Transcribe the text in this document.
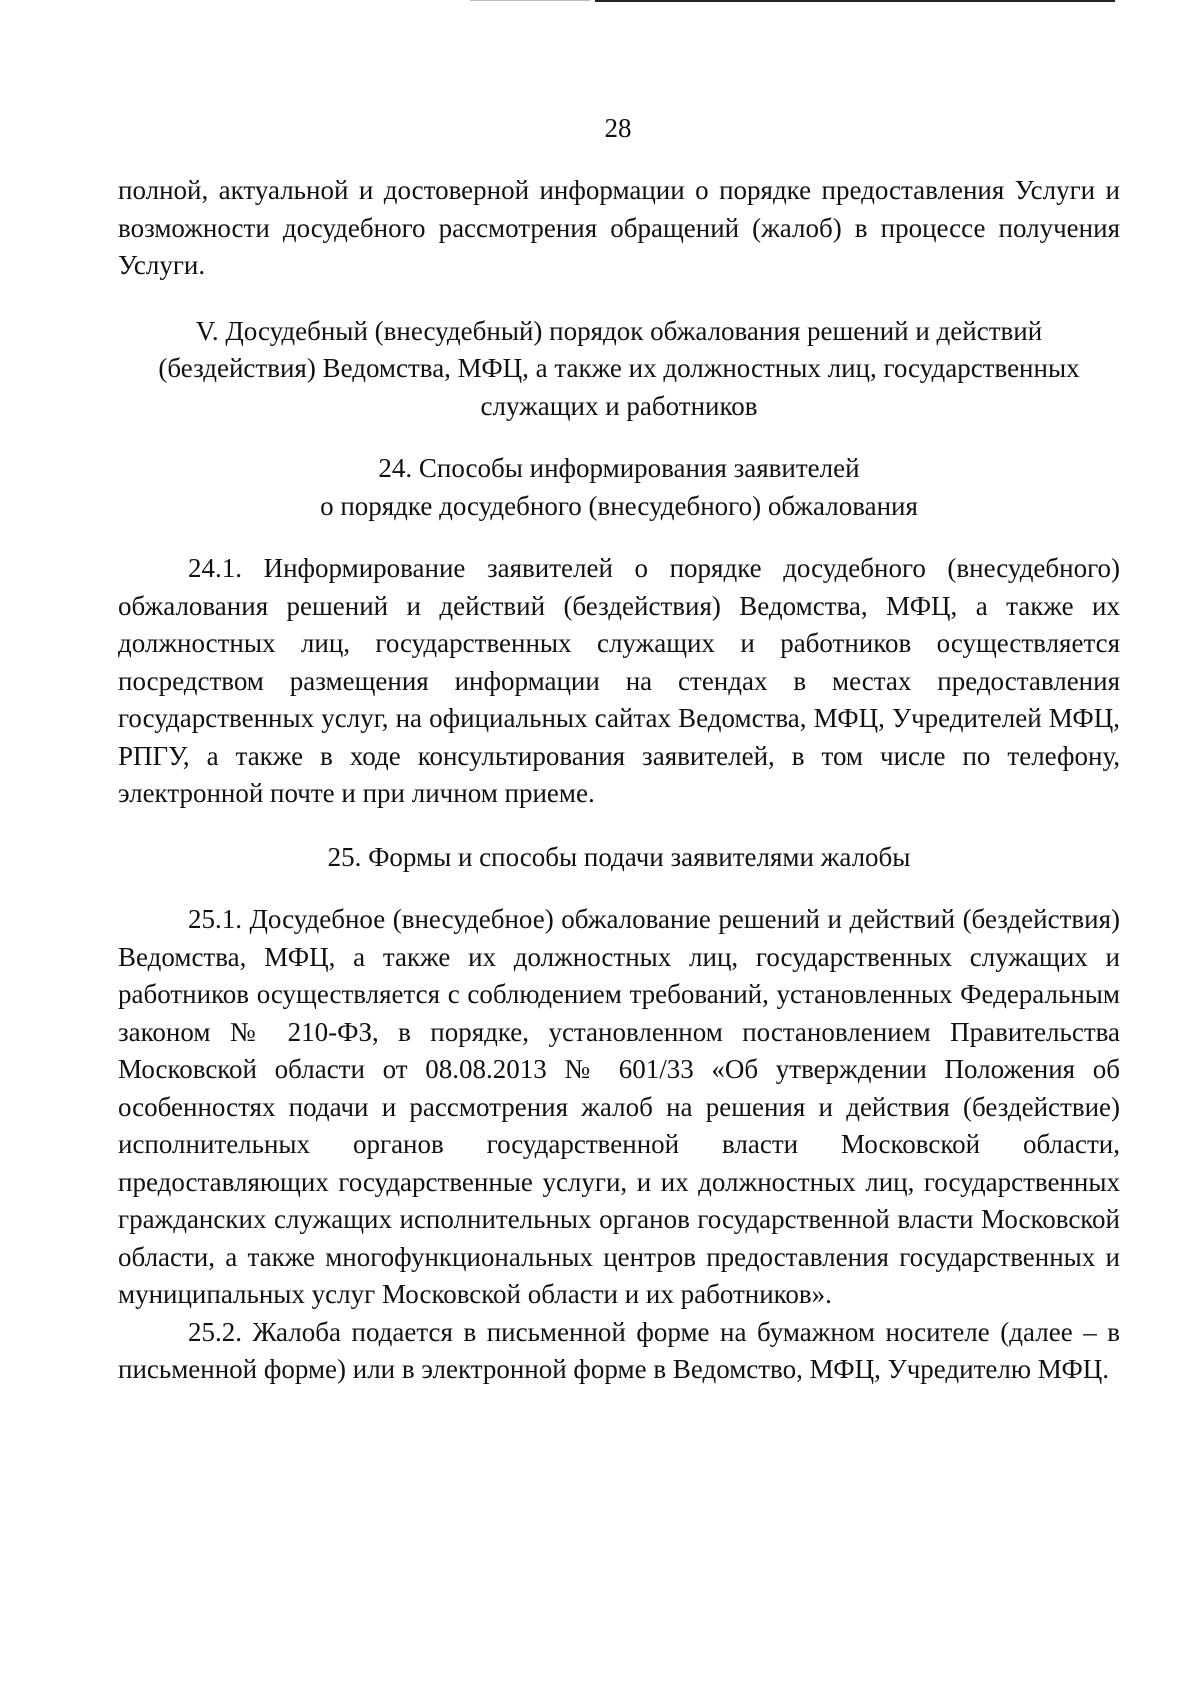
28

полной, актуальной и достоверной информации о порядке предоставления Услуги и возможности досудебного рассмотрения обращений (жалоб) в процессе получения Услуги.

V. Досудебный (внесудебный) порядок обжалования решений и действий
(бездействия) Ведомства, МФЦ, а также их должностных лиц, государственных
служащих и работников
24. Способы информирования заявителей
о порядке досудебного (внесудебного) обжалования

24.1. Информирование заявителей о порядке досудебного (внесудебного) обжалования решений и действий (бездействия) Ведомства, МФЦ, а также их должностных лиц, государственных служащих и работников осуществляется посредством размещения информации на стендах в местах предоставления государственных услуг, на официальных сайтах Ведомства, МФЦ, Учредителей МФЦ, РПГУ, а также в ходе консультирования заявителей, в том числе по телефону, электронной почте и при личном приеме.

25. Формы и способы подачи заявителями жалобы

25.1. Досудебное (внесудебное) обжалование решений и действий (бездействия) Ведомства, МФЦ, а также их должностных лиц, государственных служащих и работников осуществляется с соблюдением требований, установленных Федеральным законом № 210-ФЗ, в порядке, установленном постановлением Правительства Московской области от 08.08.2013 № 601/33 «Об утверждении Положения об особенностях подачи и рассмотрения жалоб на решения и действия (бездействие) исполнительных органов государственной власти Московской области, предоставляющих государственные услуги, и их должностных лиц, государственных гражданских служащих исполнительных органов государственной власти Московской области, а также многофункциональных центров предоставления государственных и муниципальных услуг Московской области и их работников».

25.2. Жалоба подается в письменной форме на бумажном носителе (далее – в письменной форме) или в электронной форме в Ведомство, МФЦ, Учредителю МФЦ.
